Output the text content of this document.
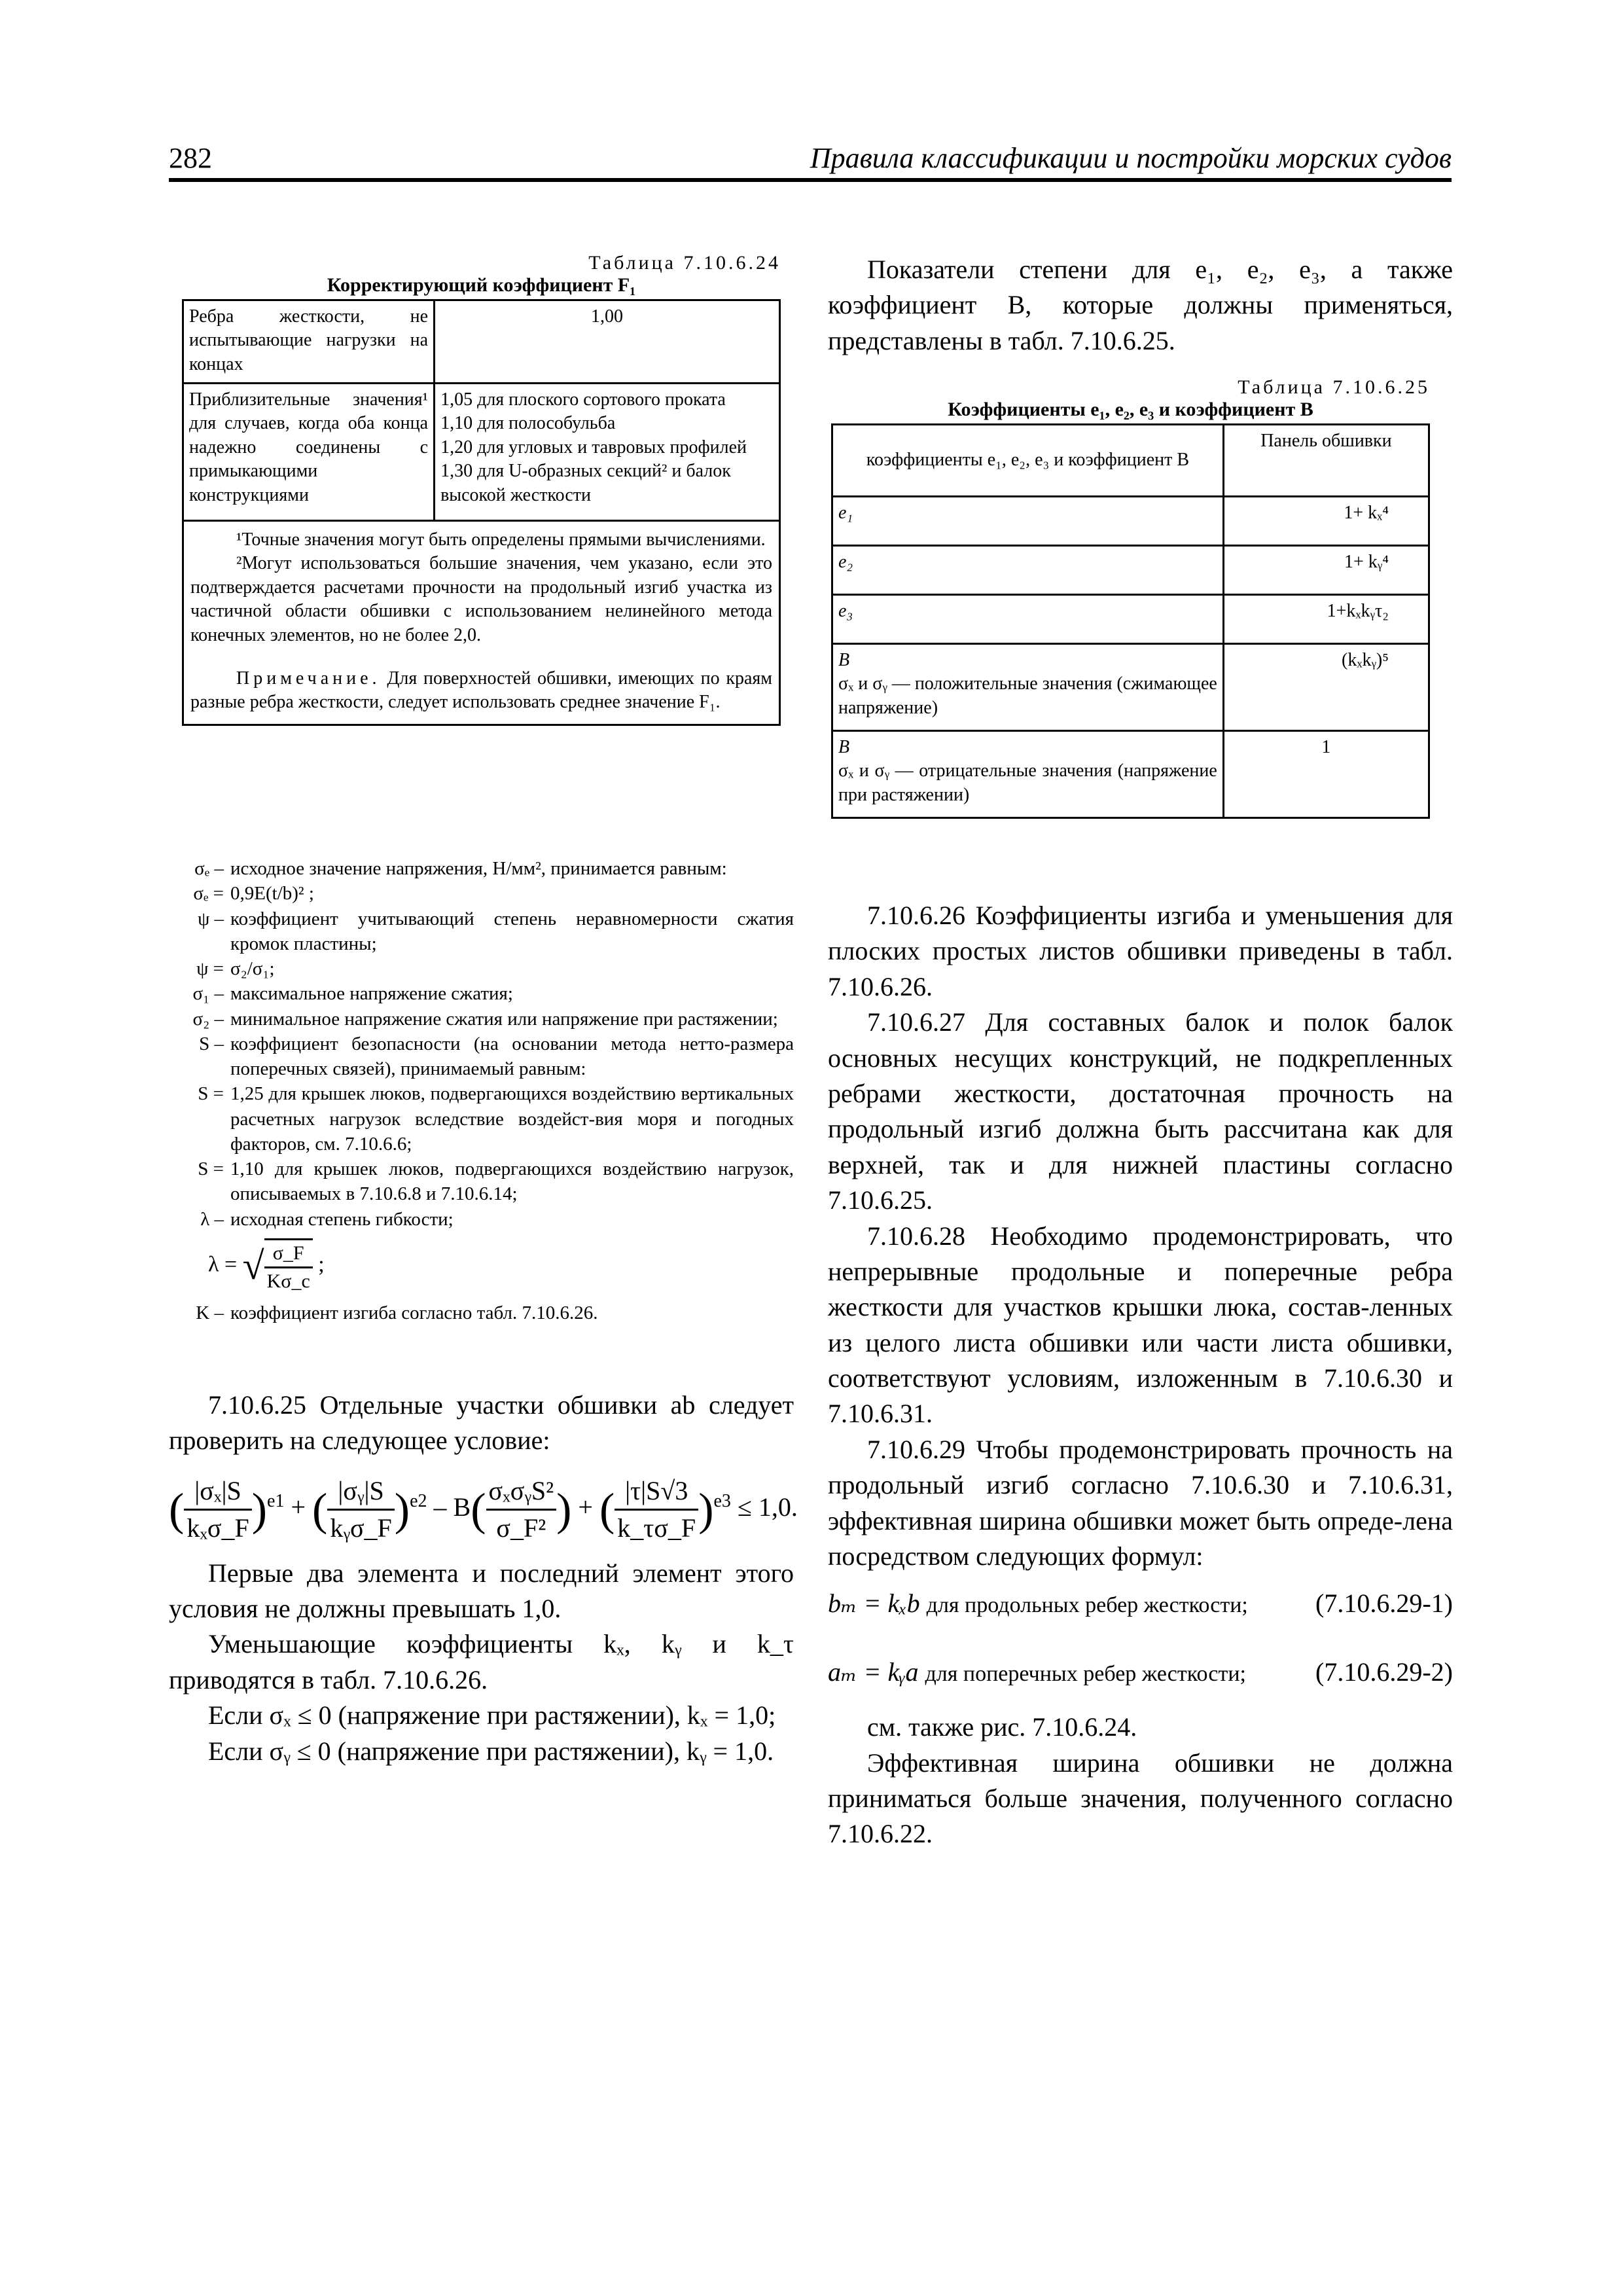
282	Правила классификации и постройки морских судов
Таблица 7.10.6.24
Корректирующий коэффициент F₁
Ребра жесткости, не испытывающие нагрузки на концах	1,00
Приблизительные значения¹ для случаев, когда оба конца надежно соединены с примыкающими конструкциями	1,05 для плоского сортового проката
1,10 для полособульба
1,20 для угловых и тавровых профилей
1,30 для U-образных секций² и балок высокой жесткости

¹Точные значения могут быть определены прямыми вычислениями.
²Могут использоваться большие значения, чем указано, если это подтверждается расчетами прочности на продольный изгиб участка из частичной области обшивки с использованием нелинейного метода конечных элементов, но не более 2,0.
Примечание. Для поверхностей обшивки, имеющих по краям разные ребра жесткости, следует использовать среднее значение F₁.	
σₑ – исходное значение напряжения, Н/мм², принимается равным:
σₑ = 0,9E(t/b)² ;
ψ – коэффициент учитывающий степень неравномерности сжатия кромок пластины;
ψ = σ₂/σ₁;
σ₁ – максимальное напряжение сжатия;
σ₂ – минимальное напряжение сжатия или напряжение при растяжении;
S – коэффициент безопасности (на основании метода нетто-размера поперечных связей), принимаемый равным:
S = 1,25 для крышек люков, подвергающихся воздействию вертикальных расчетных нагрузок вследствие воздейст-вия моря и погодных факторов, см. 7.10.6.6;
S = 1,10 для крышек люков, подвергающихся воздействию нагрузок, описываемых в 7.10.6.8 и 7.10.6.14;
λ – исходная степень гибкости;
λ = √ $\frac{\sigma\_F}{K\sigma\_c}$ ;
K – коэффициент изгиба согласно табл. 7.10.6.26.

7.10.6.25 Отдельные участки обшивки ab следует проверить на следующее условие:

( $\frac{\text{|σₓ|S}}{\text{kₓσ\_F}} )^{e1}$ + ( $\frac{\text{|σᵧ|S}}{\text{kᵧσ\_F}} )^{e2} - B( \frac{\text{σₓσᵧS²}}{\text{σ\_F²}}$ ) + ( $\frac{|\tau|S√3}{k\_\tau\sigma\_F} )^{e3} \le 1,0$.

Первые два элемента и последний элемент этого условия не должны превышать 1,0.

Уменьшающие коэффициенты kₓ, kᵧ и k_τ приводятся в табл. 7.10.6.26.

Если σₓ ≤ 0 (напряжение при растяжении), kₓ = 1,0;

Если σᵧ ≤ 0 (напряжение при растяжении), kᵧ = 1,0.

Показатели степени для e₁, e₂, e₃, а также коэффициент B, которые должны применяться, представлены в табл. 7.10.6.25.

Таблица 7.10.6.25
Коэффициенты e₁, e₂, e₃ и коэффициент B
коэффициенты e₁, e₂, e₃ и коэффициент B	Панель обшивки
e₁	1+ kₓ⁴
e₂	1+ kᵧ⁴
e₃	1+kₓkᵧτ₂

B
σₓ и σᵧ — положительные значения (сжимающее напряжение)	(kₓkᵧ)⁵

B
σₓ и σᵧ — отрицательные значения (напряжение при растяжении)	1

7.10.6.26 Коэффициенты изгиба и уменьшения для плоских простых листов обшивки приведены в табл. 7.10.6.26.

7.10.6.27 Для составных балок и полок балок основных несущих конструкций, не подкрепленных ребрами жесткости, достаточная прочность на продольный изгиб должна быть рассчитана как для верхней, так и для нижней пластины согласно 7.10.6.25.

7.10.6.28 Необходимо продемонстрировать, что непрерывные продольные и поперечные ребра жесткости для участков крышки люка, состав-ленных из целого листа обшивки или части листа обшивки, соответствуют условиям, изложенным в 7.10.6.30 и 7.10.6.31.

7.10.6.29 Чтобы продемонстрировать прочность на продольный изгиб согласно 7.10.6.30 и 7.10.6.31, эффективная ширина обшивки может быть опреде-лена посредством следующих формул:

bₘ = kₓb для продольных ребер жесткости;	(7.10.6.29-1)
aₘ = kᵧa для поперечных ребер жесткости;	(7.10.6.29-2)

см. также рис. 7.10.6.24.

Эффективная ширина обшивки не должна приниматься больше значения, полученного согласно 7.10.6.22.
